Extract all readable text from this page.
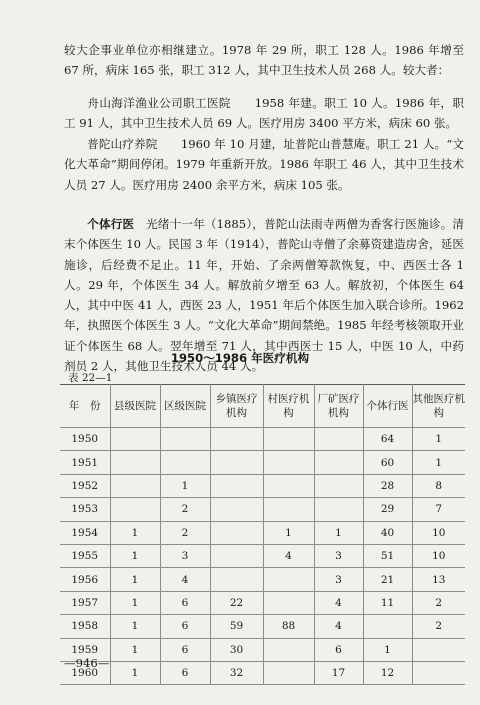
较大企事业单位亦相继建立。1978 年 29 所，职工 128 人。1986 年增至 67 所，病床 165 张，职工 312 人，其中卫生技术人员 268 人。较大者：

舟山海洋渔业公司职工医院　　1958 年建。职工 10 人。1986 年，职工 91 人，其中卫生技术人员 69 人。医疗用房 3400 平方米，病床 60 张。

普陀山疗养院　　1960 年 10 月建，址普陀山普慧庵。职工 21 人。“文化大革命”期间停闭。1979 年重新开放。1986 年职工 46 人，其中卫生技术人员 27 人。医疗用房 2400 余平方米，病床 105 张。

个体行医　光绪十一年（1885），普陀山法雨寺两僧为香客行医施诊。清末个体医生 10 人。民国 3 年（1914），普陀山寺僧了余募资建造房舍，延医施诊，后经费不足止。11 年，开始、了余两僧筹款恢复，中、西医士各 1 人。29 年，个体医生 34 人。解放前夕增至 63 人。解放初，个体医生 64 人，其中中医 41 人，西医 23 人，1951 年后个体医生加入联合诊所。1962 年，执照医个体医生 3 人。“文化大革命”期间禁绝。1985 年经考核领取开业证个体医生 68 人。翌年增至 71 人，其中西医士 15 人，中医 10 人，中药剂员 2 人，其他卫生技术人员 44 人。

1950～1986 年医疗机构
表 22—1
年　份	县级医院	区级医院	乡镇医疗机构	村医疗机　构	厂矿医疗机构	个体行医	其他医疗机构
1950						64	1
1951						60	1
1952		1				28	8
1953		2				29	7
1954	1	2		1	1	40	10
1955	1	3		4	3	51	10
1956	1	4			3	21	13
1957	1	6	22		4	11	2
1958	1	6	59	88	4		2
1959	1	6	30		6	1	
1960	1	6	32		17	12	
—946—
